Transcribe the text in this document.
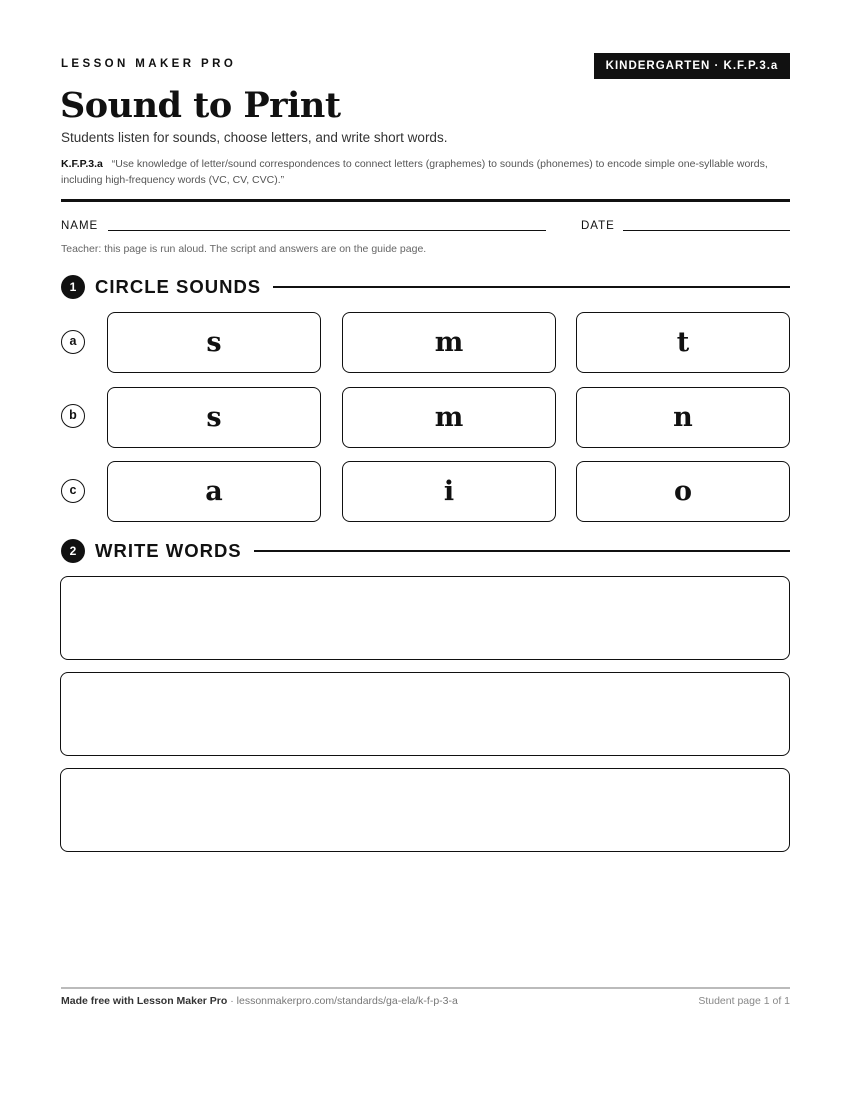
LESSON MAKER PRO	KINDERGARTEN · K.F.P.3.a
Sound to Print
Students listen for sounds, choose letters, and write short words.
K.F.P.3.a “Use knowledge of letter/sound correspondences to connect letters (graphemes) to sounds (phonemes) to encode simple one-syllable words, including high-frequency words (VC, CV, CVC).”
NAME	DATE
Teacher: this page is run aloud. The script and answers are on the guide page.
1	CIRCLE SOUNDS
a	s	m	t
b	s	m	n
c	a	i	o
2	WRITE WORDS
Made free with Lesson Maker Pro · lessonmakerpro.com/standards/ga-ela/k-f-p-3-a	Student page 1 of 1
